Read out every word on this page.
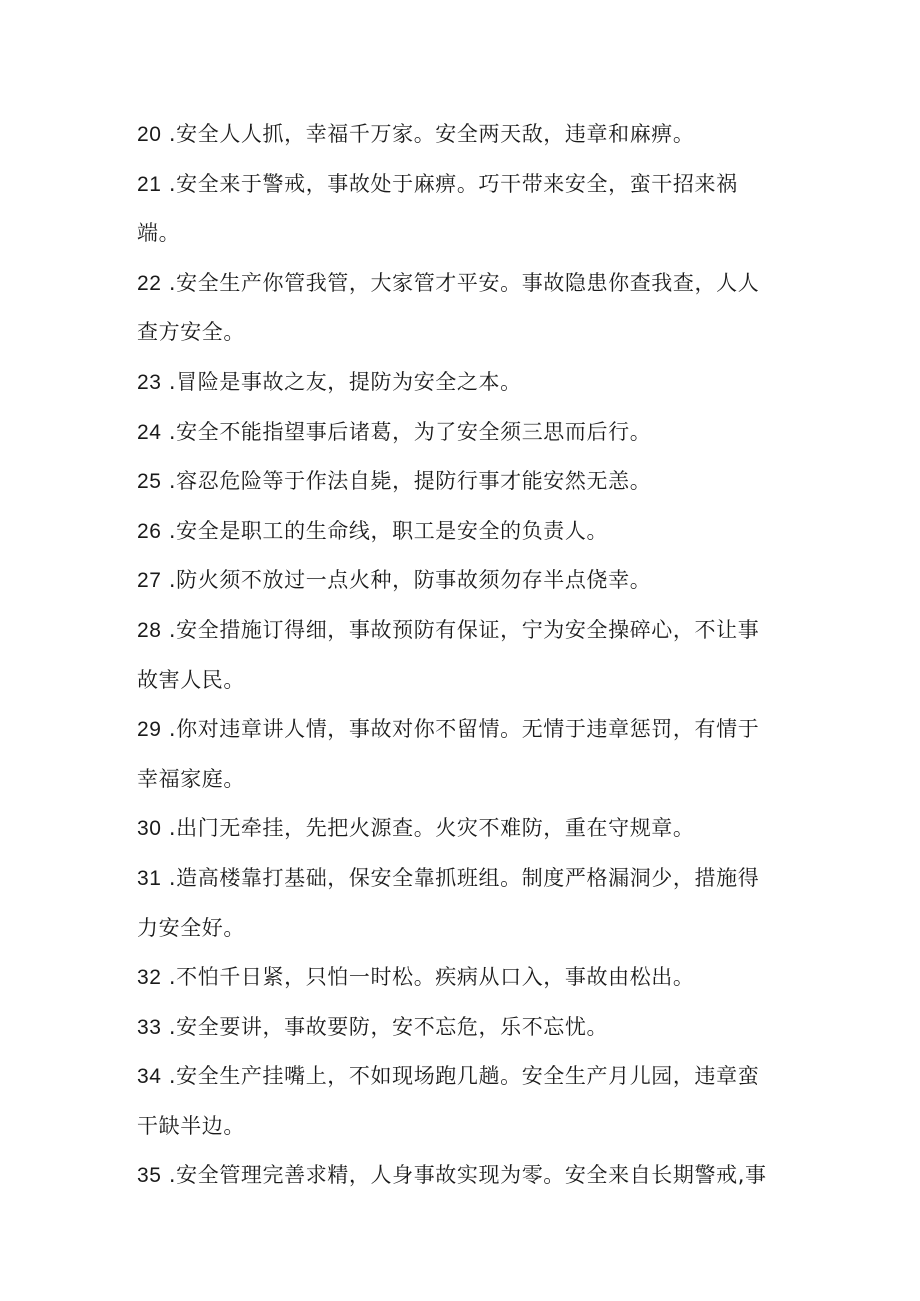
20 .安全人人抓，幸福千万家。安全两天敌，违章和麻痹。

21 .安全来于警戒，事故处于麻痹。巧干带来安全，蛮干招来祸
端。

22 .安全生产你管我管，大家管才平安。事故隐患你查我查，人人
查方安全。

23 .冒险是事故之友，提防为安全之本。

24 .安全不能指望事后诸葛，为了安全须三思而后行。

25 .容忍危险等于作法自毙，提防行事才能安然无恙。

26 .安全是职工的生命线，职工是安全的负责人。

27 .防火须不放过一点火种，防事故须勿存半点侥幸。

28 .安全措施订得细，事故预防有保证，宁为安全操碎心，不让事
故害人民。

29 .你对违章讲人情，事故对你不留情。无情于违章惩罚，有情于
幸福家庭。

30 .出门无牵挂，先把火源查。火灾不难防，重在守规章。

31 .造高楼靠打基础，保安全靠抓班组。制度严格漏洞少，措施得
力安全好。

32 .不怕千日紧，只怕一时松。疾病从口入，事故由松出。

33 .安全要讲，事故要防，安不忘危，乐不忘忧。

34 .安全生产挂嘴上，不如现场跑几趟。安全生产月儿园，违章蛮
干缺半边。

35 .安全管理完善求精，人身事故实现为零。安全来自长期警戒,事
